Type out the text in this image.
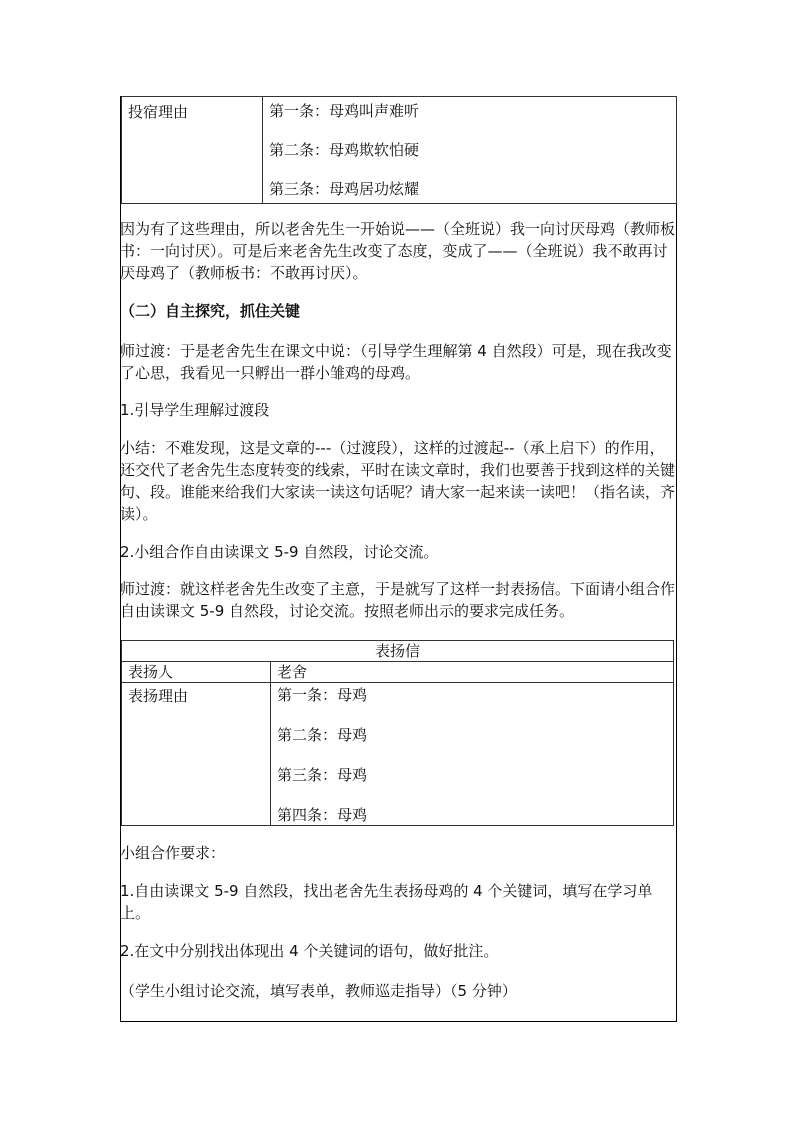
投宿理由	第一条：母鸡叫声难听
第二条：母鸡欺软怕硬
第三条：母鸡居功炫耀

因为有了这些理由，所以老舍先生一开始说——（全班说）我一向讨厌母鸡（教师板书：一向讨厌）。可是后来老舍先生改变了态度，变成了——（全班说）我不敢再讨厌母鸡了（教师板书：不敢再讨厌）。

（二）自主探究，抓住关键

师过渡：于是老舍先生在课文中说：（引导学生理解第 4 自然段）可是，现在我改变了心思，我看见一只孵出一群小雏鸡的母鸡。

1.引导学生理解过渡段

小结：不难发现，这是文章的---（过渡段），这样的过渡起--（承上启下）的作用，还交代了老舍先生态度转变的线索，平时在读文章时，我们也要善于找到这样的关键句、段。谁能来给我们大家读一读这句话呢？请大家一起来读一读吧！（指名读，齐读）。

2.小组合作自由读课文 5-9 自然段，讨论交流。

师过渡：就这样老舍先生改变了主意，于是就写了这样一封表扬信。下面请小组合作自由读课文 5-9 自然段，讨论交流。按照老师出示的要求完成任务。

表扬信	
表扬人	老舍
表扬理由	第一条：母鸡
第二条：母鸡
第三条：母鸡
第四条：母鸡

小组合作要求：

1.自由读课文 5-9 自然段，找出老舍先生表扬母鸡的 4 个关键词，填写在学习单上。

2.在文中分别找出体现出 4 个关键词的语句，做好批注。

（学生小组讨论交流，填写表单，教师巡走指导）（5 分钟）
